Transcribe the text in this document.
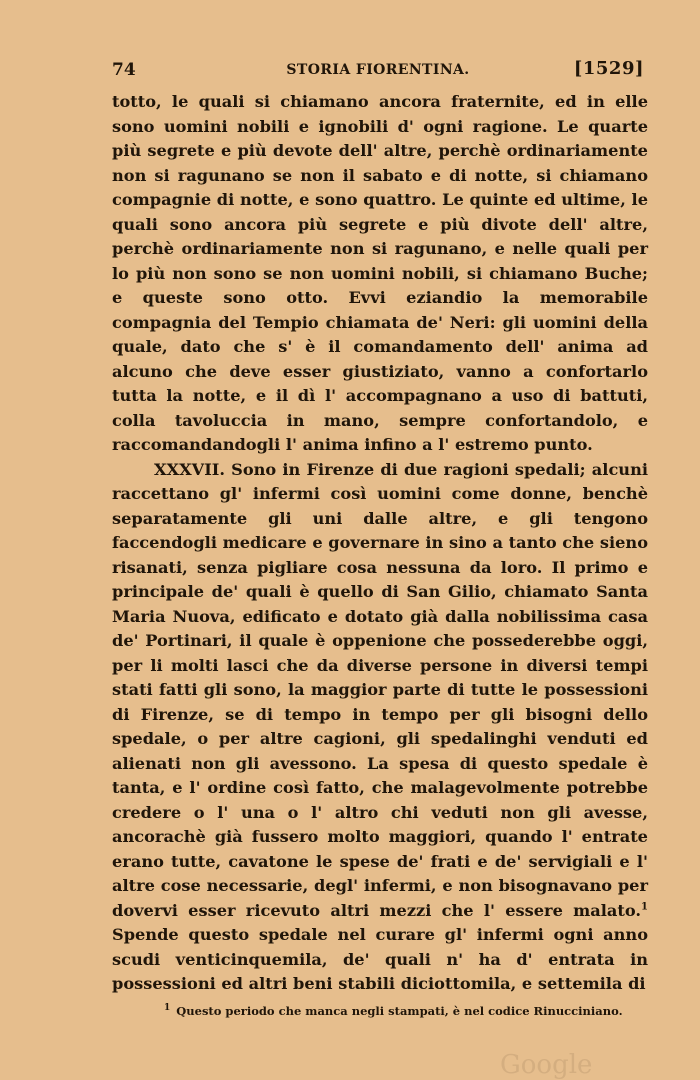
74	STORIA FIORENTINA.	[1529]

totto, le quali si chiamano ancora fraternite, ed in elle sono uomini nobili e ignobili d' ogni ragione. Le quarte più segrete e più devote dell' altre, perchè ordinariamente non si ragunano se non il sabato e di notte, si chiamano compagnie di notte, e sono quattro. Le quinte ed ultime, le quali sono ancora più segrete e più divote dell' altre, perchè ordinariamente non si ragunano, e nelle quali per lo più non sono se non uomini nobili, si chiamano Buche; e queste sono otto. Evvi eziandio la memorabile compagnia del Tempio chiamata de' Neri: gli uomini della quale, dato che s' è il comandamento dell' anima ad alcuno che deve esser giustiziato, vanno a confortarlo tutta la notte, e il dì l' accompagnano a uso di battuti, colla tavoluccia in mano, sempre confortandolo, e raccomandandogli l' anima infino a l' estremo punto.

XXXVII. Sono in Firenze di due ragioni spedali; alcuni raccettano gl' infermi così uomini come donne, benchè separatamente gli uni dalle altre, e gli tengono faccendogli medicare e governare in sino a tanto che sieno risanati, senza pigliare cosa nessuna da loro. Il primo e principale de' quali è quello di San Gilio, chiamato Santa Maria Nuova, edificato e dotato già dalla nobilissima casa de' Portinari, il quale è oppenione che possederebbe oggi, per li molti lasci che da diverse persone in diversi tempi stati fatti gli sono, la maggior parte di tutte le possessioni di Firenze, se di tempo in tempo per gli bisogni dello spedale, o per altre cagioni, gli spedalinghi venduti ed alienati non gli avessono. La spesa di questo spedale è tanta, e l' ordine così fatto, che malagevolmente potrebbe credere o l' una o l' altro chi veduti non gli avesse, ancorachè già fussero molto maggiori, quando l' entrate erano tutte, cavatone le spese de' frati e de' servigiali e l' altre cose necessarie, degl' infermi, e non bisognavano per dovervi esser ricevuto altri mezzi che l' essere malato.$^1$ Spende questo spedale nel curare gl' infermi ogni anno scudi venticinquemila, de' quali n' ha d' entrata in possessioni ed altri beni stabili diciottomila, e settemila di

$^1$ Questo periodo che manca negli stampati, è nel codice Rinucciniano.
Google
